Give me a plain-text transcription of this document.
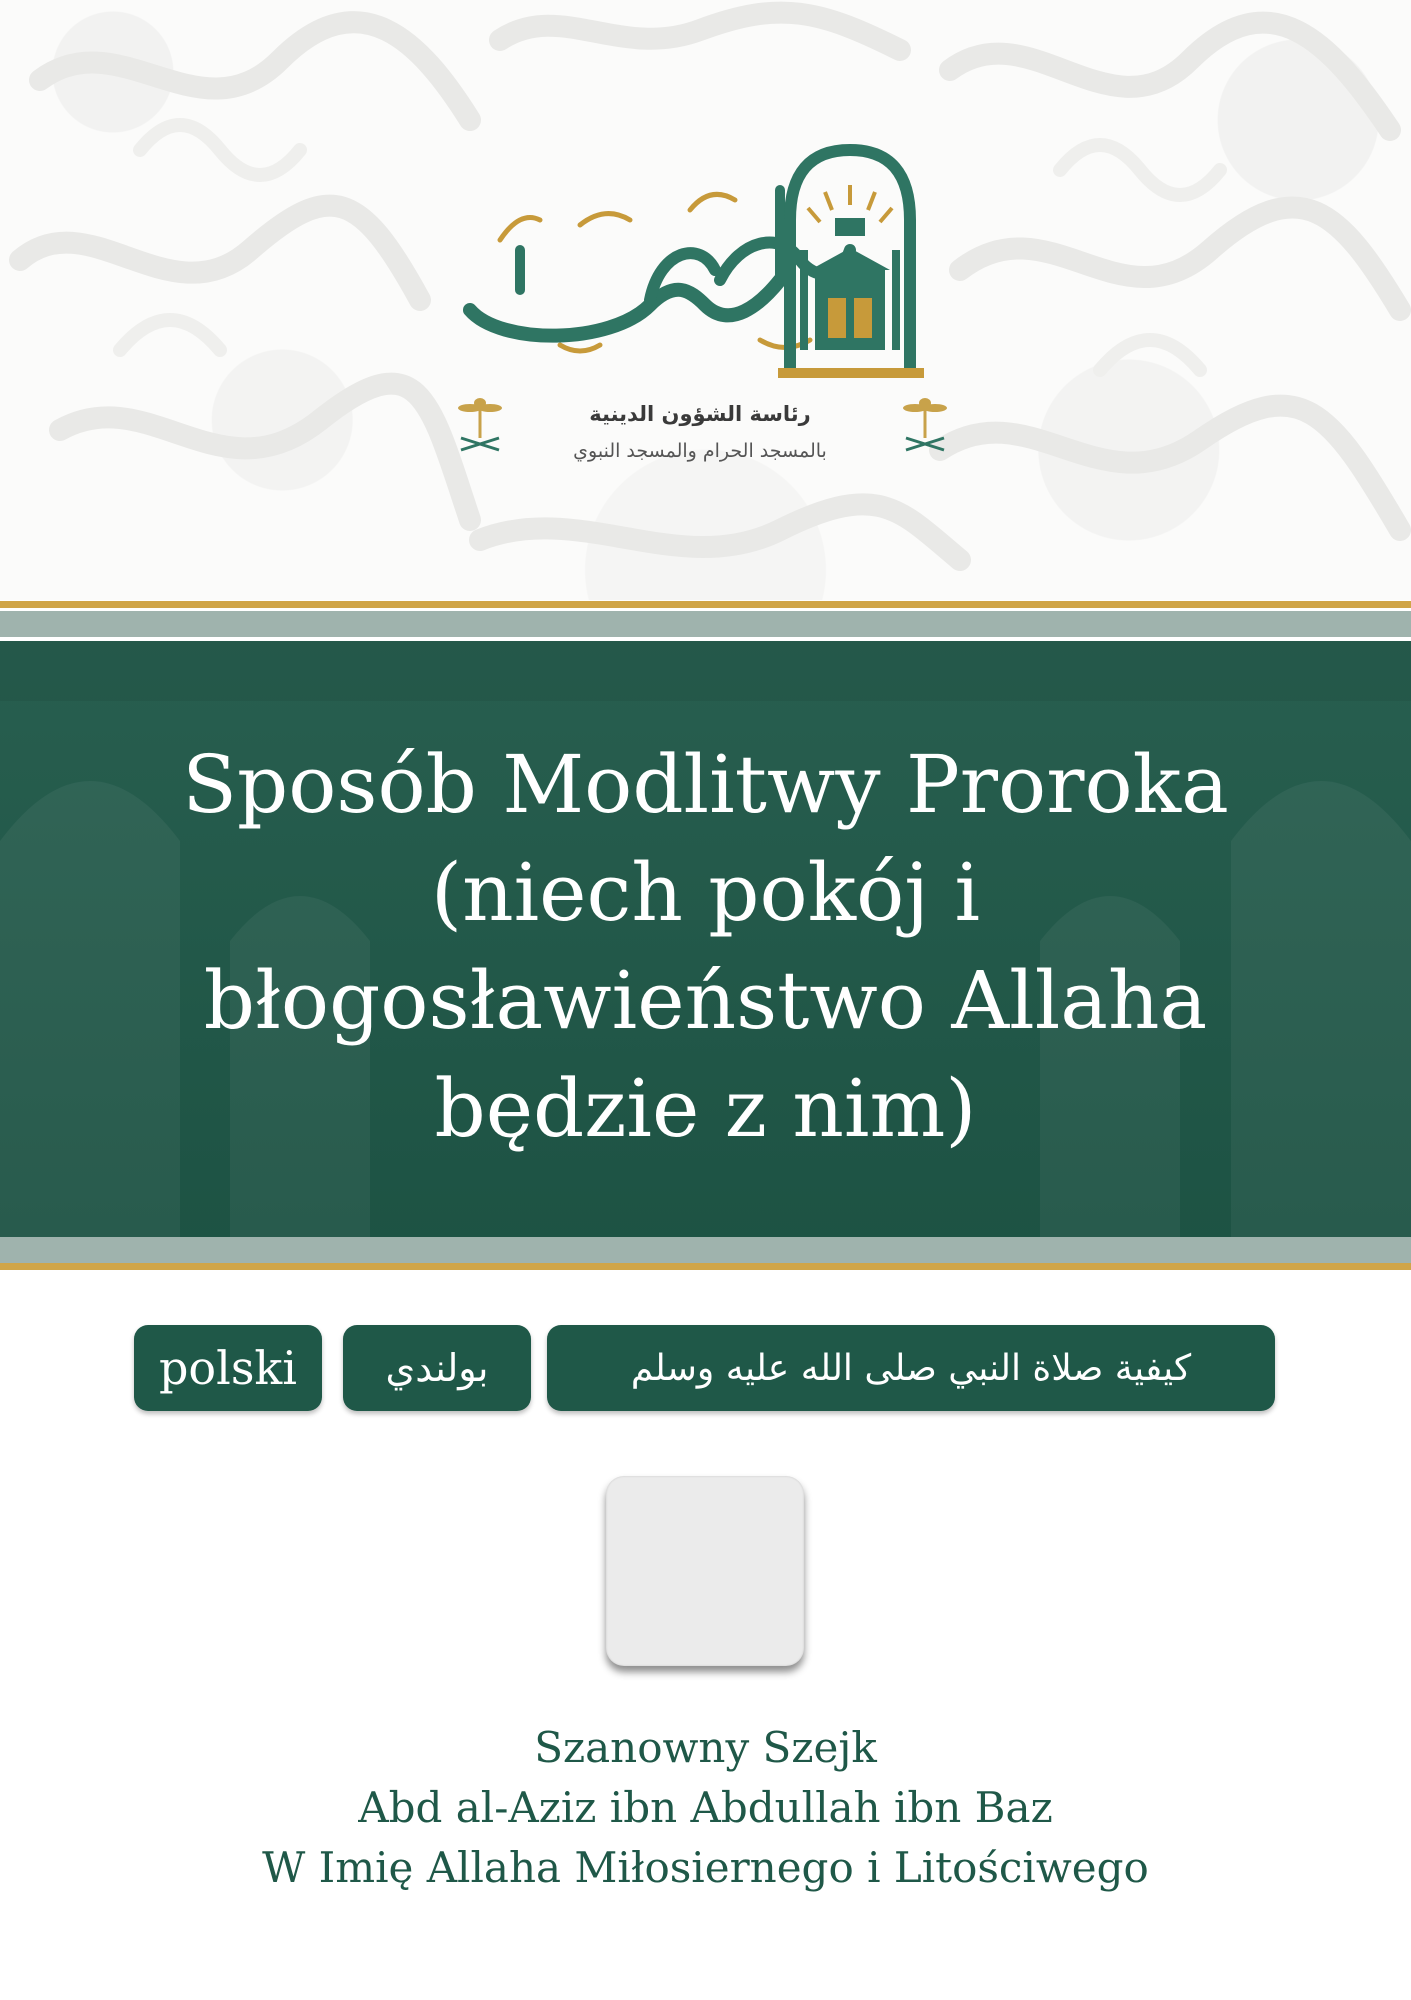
رئاسة الشؤون الدينية
بالمسجد الحرام والمسجد النبوي
Sposób Modlitwy Proroka
(niech pokój i
błogosławieństwo Allaha
będzie z nim)
polski	بولندي	كيفية صلاة النبي صلى الله عليه وسلم
Szanowny Szejk
Abd al-Aziz ibn Abdullah ibn Baz
W Imię Allaha Miłosiernego i Litościwego
